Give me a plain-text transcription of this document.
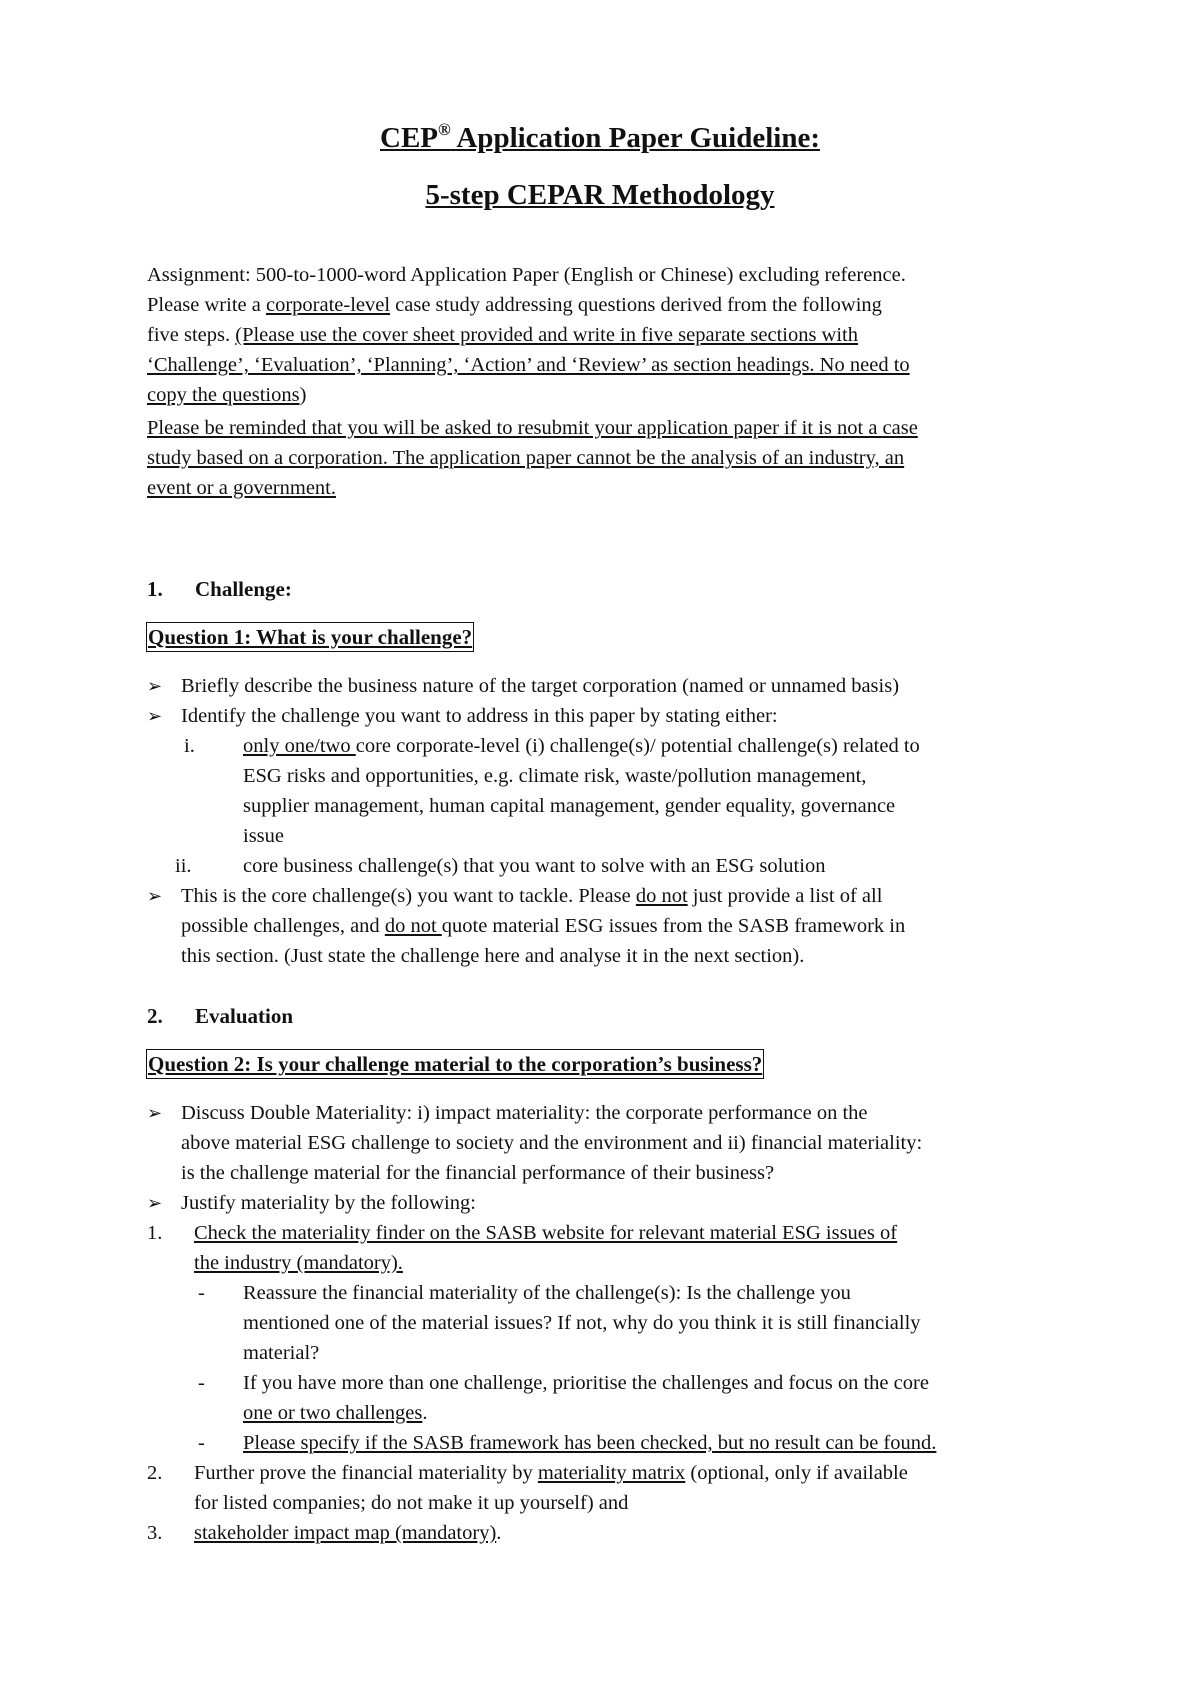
CEP® Application Paper Guideline:
5-step CEPAR Methodology
Assignment: 500-to-1000-word Application Paper (English or Chinese) excluding reference.
Please write a corporate-level case study addressing questions derived from the following
five steps. (Please use the cover sheet provided and write in five separate sections with
‘Challenge’, ‘Evaluation’, ‘Planning’, ‘Action’ and ‘Review’ as section headings. No need to
copy the questions)
Please be reminded that you will be asked to resubmit your application paper if it is not a case
study based on a corporation. The application paper cannot be the analysis of an industry, an
event or a government.
1. Challenge:
Question 1: What is your challenge?
➢ Briefly describe the business nature of the target corporation (named or unnamed basis)
➢ Identify the challenge you want to address in this paper by stating either:
i. only one/two core corporate-level (i) challenge(s)/ potential challenge(s) related to
ESG risks and opportunities, e.g. climate risk, waste/pollution management,
supplier management, human capital management, gender equality, governance
issue
ii.	core business challenge(s) that you want to solve with an ESG solution
➢ This is the core challenge(s) you want to tackle. Please do not just provide a list of all
possible challenges, and do not quote material ESG issues from the SASB framework in
this section. (Just state the challenge here and analyse it in the next section).
2. Evaluation
Question 2: Is your challenge material to the corporation’s business?
➢ Discuss Double Materiality: i) impact materiality: the corporate performance on the
above material ESG challenge to society and the environment and ii) financial materiality:
is the challenge material for the financial performance of their business?
➢ Justify materiality by the following:
1. Check the materiality finder on the SASB website for relevant material ESG issues of
the industry (mandatory).
- Reassure the financial materiality of the challenge(s): Is the challenge you
mentioned one of the material issues? If not, why do you think it is still financially
material?
- If you have more than one challenge, prioritise the challenges and focus on the core
one or two challenges.
- Please specify if the SASB framework has been checked, but no result can be found.
2. Further prove the financial materiality by materiality matrix (optional, only if available
for listed companies; do not make it up yourself) and
3. stakeholder impact map (mandatory).
